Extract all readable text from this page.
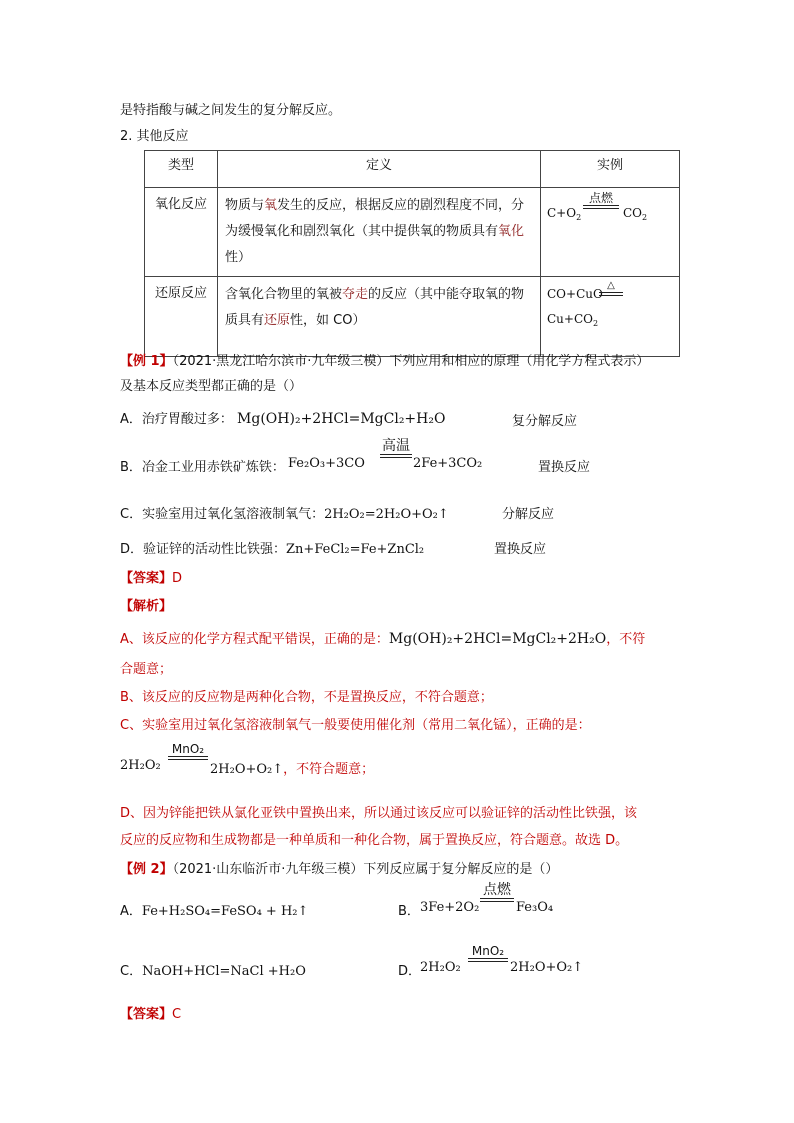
是特指酸与碱之间发生的复分解反应。
2. 其他反应
类型	定义	实例
氧化反应	物质与氧发生的反应，根据反应的剧烈程度不同，分为缓慢氧化和剧烈氧化（其中提供氧的物质具有氧化性）	$C+O_2$
点燃
$CO_2$

还原反应	含氧化合物里的氧被夺走的反应（其中能夺取氧的物质具有还原性，如 CO）	CO+CuO
△
$Cu+CO_2$
【例 1】（2021·黑龙江哈尔滨市·九年级三模）下列应用和相应的原理（用化学方程式表示）
及基本反应类型都正确的是（）
A．治疗胃酸过多： Mg(OH)₂+2HCl=MgCl₂+H₂O	复分解反应
B．冶金工业用赤铁矿炼铁： Fe₂O₃+3CO
高温
2Fe+3CO₂	置换反应
C．实验室用过氧化氢溶液制氧气：2H₂O₂=2H₂O+O₂↑	分解反应
D．验证锌的活动性比铁强：Zn+FeCl₂=Fe+ZnCl₂	置换反应
【答案】D
【解析】
A、该反应的化学方程式配平错误，正确的是：Mg(OH)₂+2HCl=MgCl₂+2H₂O，不符
合题意；
B、该反应的反应物是两种化合物，不是置换反应，不符合题意；
C、实验室用过氧化氢溶液制氧气一般要使用催化剂（常用二氧化锰），正确的是：
2H₂O₂
MnO₂
2H₂O+O₂↑，不符合题意；
D、因为锌能把铁从氯化亚铁中置换出来，所以通过该反应可以验证锌的活动性比铁强，该
反应的反应物和生成物都是一种单质和一种化合物，属于置换反应，符合题意。故选 D。
【例 2】（2021·山东临沂市·九年级三模）下列反应属于复分解反应的是（）
A．Fe+H₂SO₄=FeSO₄ + H₂↑	B． 3Fe+2O₂
点燃
Fe₃O₄
C．NaOH+HCl=NaCl +H₂O	D．
2H₂O₂
MnO₂
2H₂O+O₂↑
【答案】C
